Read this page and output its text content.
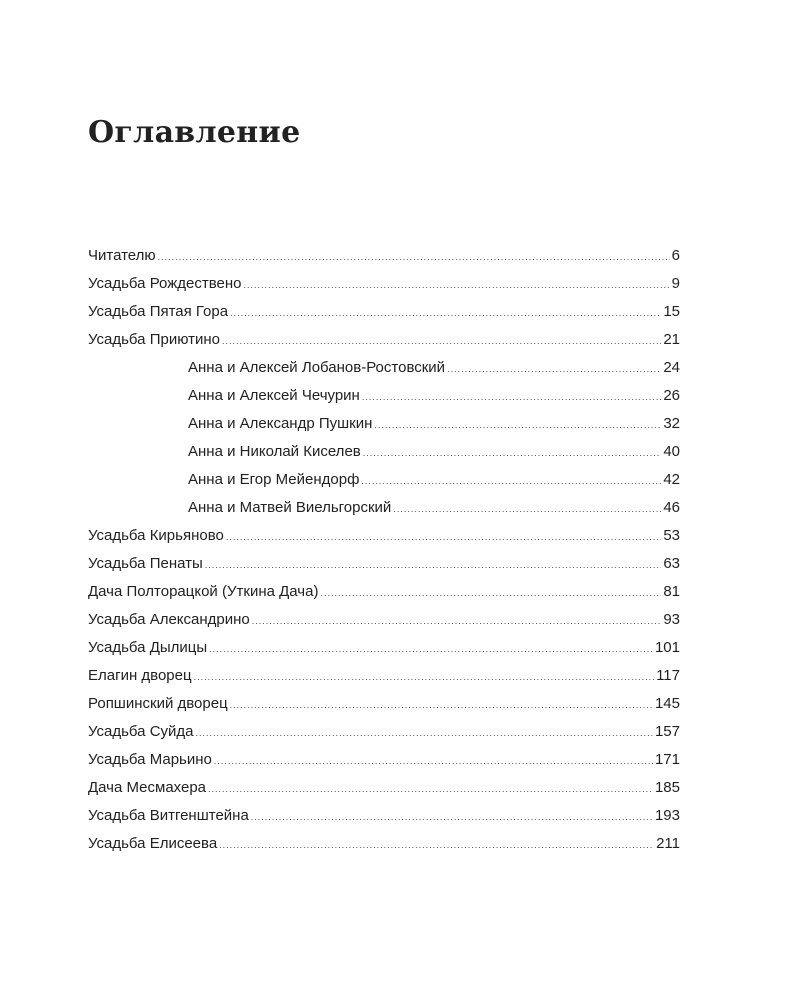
Оглавление
Читателю .....	6
Усадьба Рождествено .....	9
Усадьба Пятая Гора .....	15
Усадьба Приютино .....	21
Анна и Алексей Лобанов-Ростовский .....	24
Анна и Алексей Чечурин .....	26
Анна и Александр Пушкин .....	32
Анна и Николай Киселев .....	40
Анна и Егор Мейендорф .....	42
Анна и Матвей Виельгорский .....	46
Усадьба Кирьяново .....	53
Усадьба Пенаты .....	63
Дача Полторацкой (Уткина Дача) .....	81
Усадьба Александрино .....	93
Усадьба Дылицы .....	101
Елагин дворец .....	117
Ропшинский дворец .....	145
Усадьба Суйда .....	157
Усадьба Марьино .....	171
Дача Месмахера .....	185
Усадьба Витгенштейна .....	193
Усадьба Елисеева .....	211
